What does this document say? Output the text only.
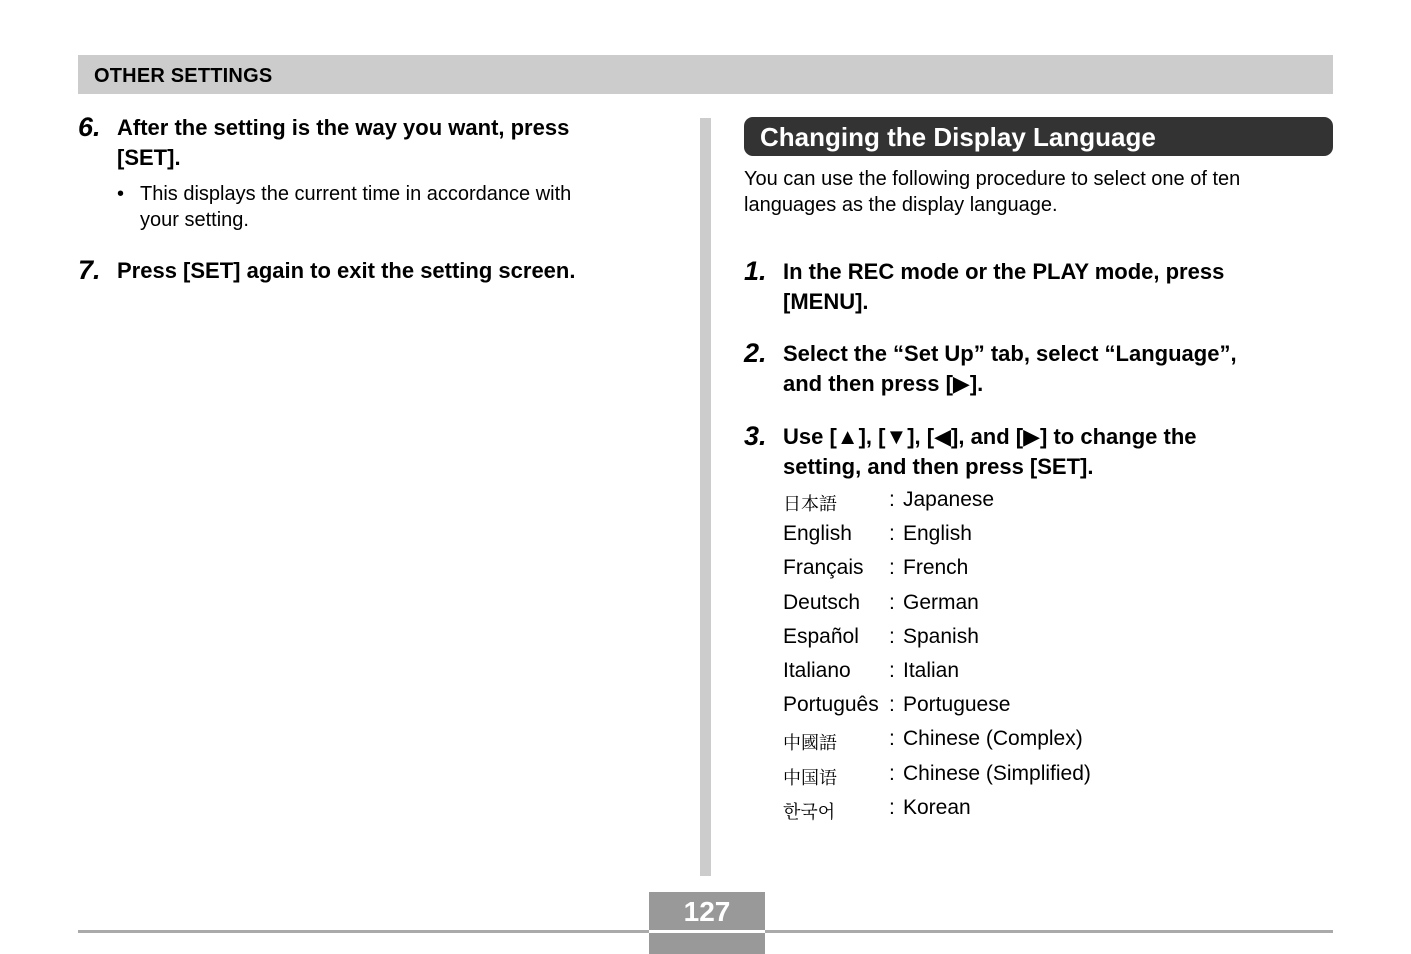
OTHER SETTINGS
6. After the setting is the way you want, press
[SET].
• This displays the current time in accordance with
your setting.
7. Press [SET] again to exit the setting screen.
Changing the Display Language
You can use the following procedure to select one of ten
languages as the display language.
1. In the REC mode or the PLAY mode, press
[MENU].
2. Select the “Set Up” tab, select “Language”,
and then press [▶].
3. Use [▲], [▼], [◀], and [▶] to change the
setting, and then press [SET].
日本語 : Japanese
English : English
Français : French
Deutsch : German
Español : Spanish
Italiano : Italian
Português : Portuguese
中國語 : Chinese (Complex)
中国语 : Chinese (Simplified)
한국어	: Korean
127
